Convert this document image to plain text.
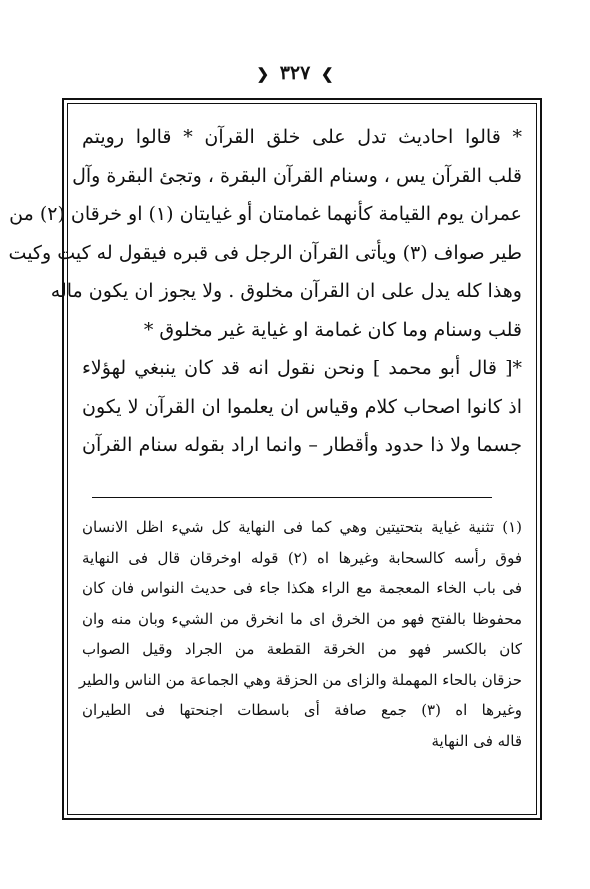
❯ ٣٢٧ ❮
* قالوا احاديث تدل على خلق القرآن * قالوا رويتم
قلب القرآن يس ، وسنام القرآن البقرة ، وتجئ البقرة وآل
عمران يوم القيامة كأنهما غمامتان أو غيايتان (١) او خرقان (٢) من
طير صواف (٣) ويأتى القرآن الرجل فى قبره فيقول له كيت وكيت
وهذا كله يدل على ان القرآن مخلوق . ولا يجوز ان يكون ماله
قلب وسنام وما كان غمامة او غياية غير مخلوق *
*[ قال أبو محمد ] ونحن نقول انه قد كان ينبغي لهؤلاء
اذ كانوا اصحاب كلام وقياس ان يعلموا ان القرآن لا يكون
جسما ولا ذا حدود وأقطار – وانما اراد بقوله سنام القرآن
(١) تثنية غياية بتحتيتين وهي كما فى النهاية كل شيء اظل الانسان
فوق رأسه كالسحابة وغيرها اه (٢) قوله اوخرقان قال فى النهاية
فى باب الخاء المعجمة مع الراء هكذا جاء فى حديث النواس فان كان
محفوظا بالفتح فهو من الخرق اى ما انخرق من الشيء وبان منه وان
كان بالكسر فهو من الخرقة القطعة من الجراد وقيل الصواب
حزقان بالحاء المهملة والزاى من الحزقة وهي الجماعة من الناس والطير
وغيرها اه (٣) جمع صافة أى باسطات اجنحتها فى الطيران
قاله فى النهاية
